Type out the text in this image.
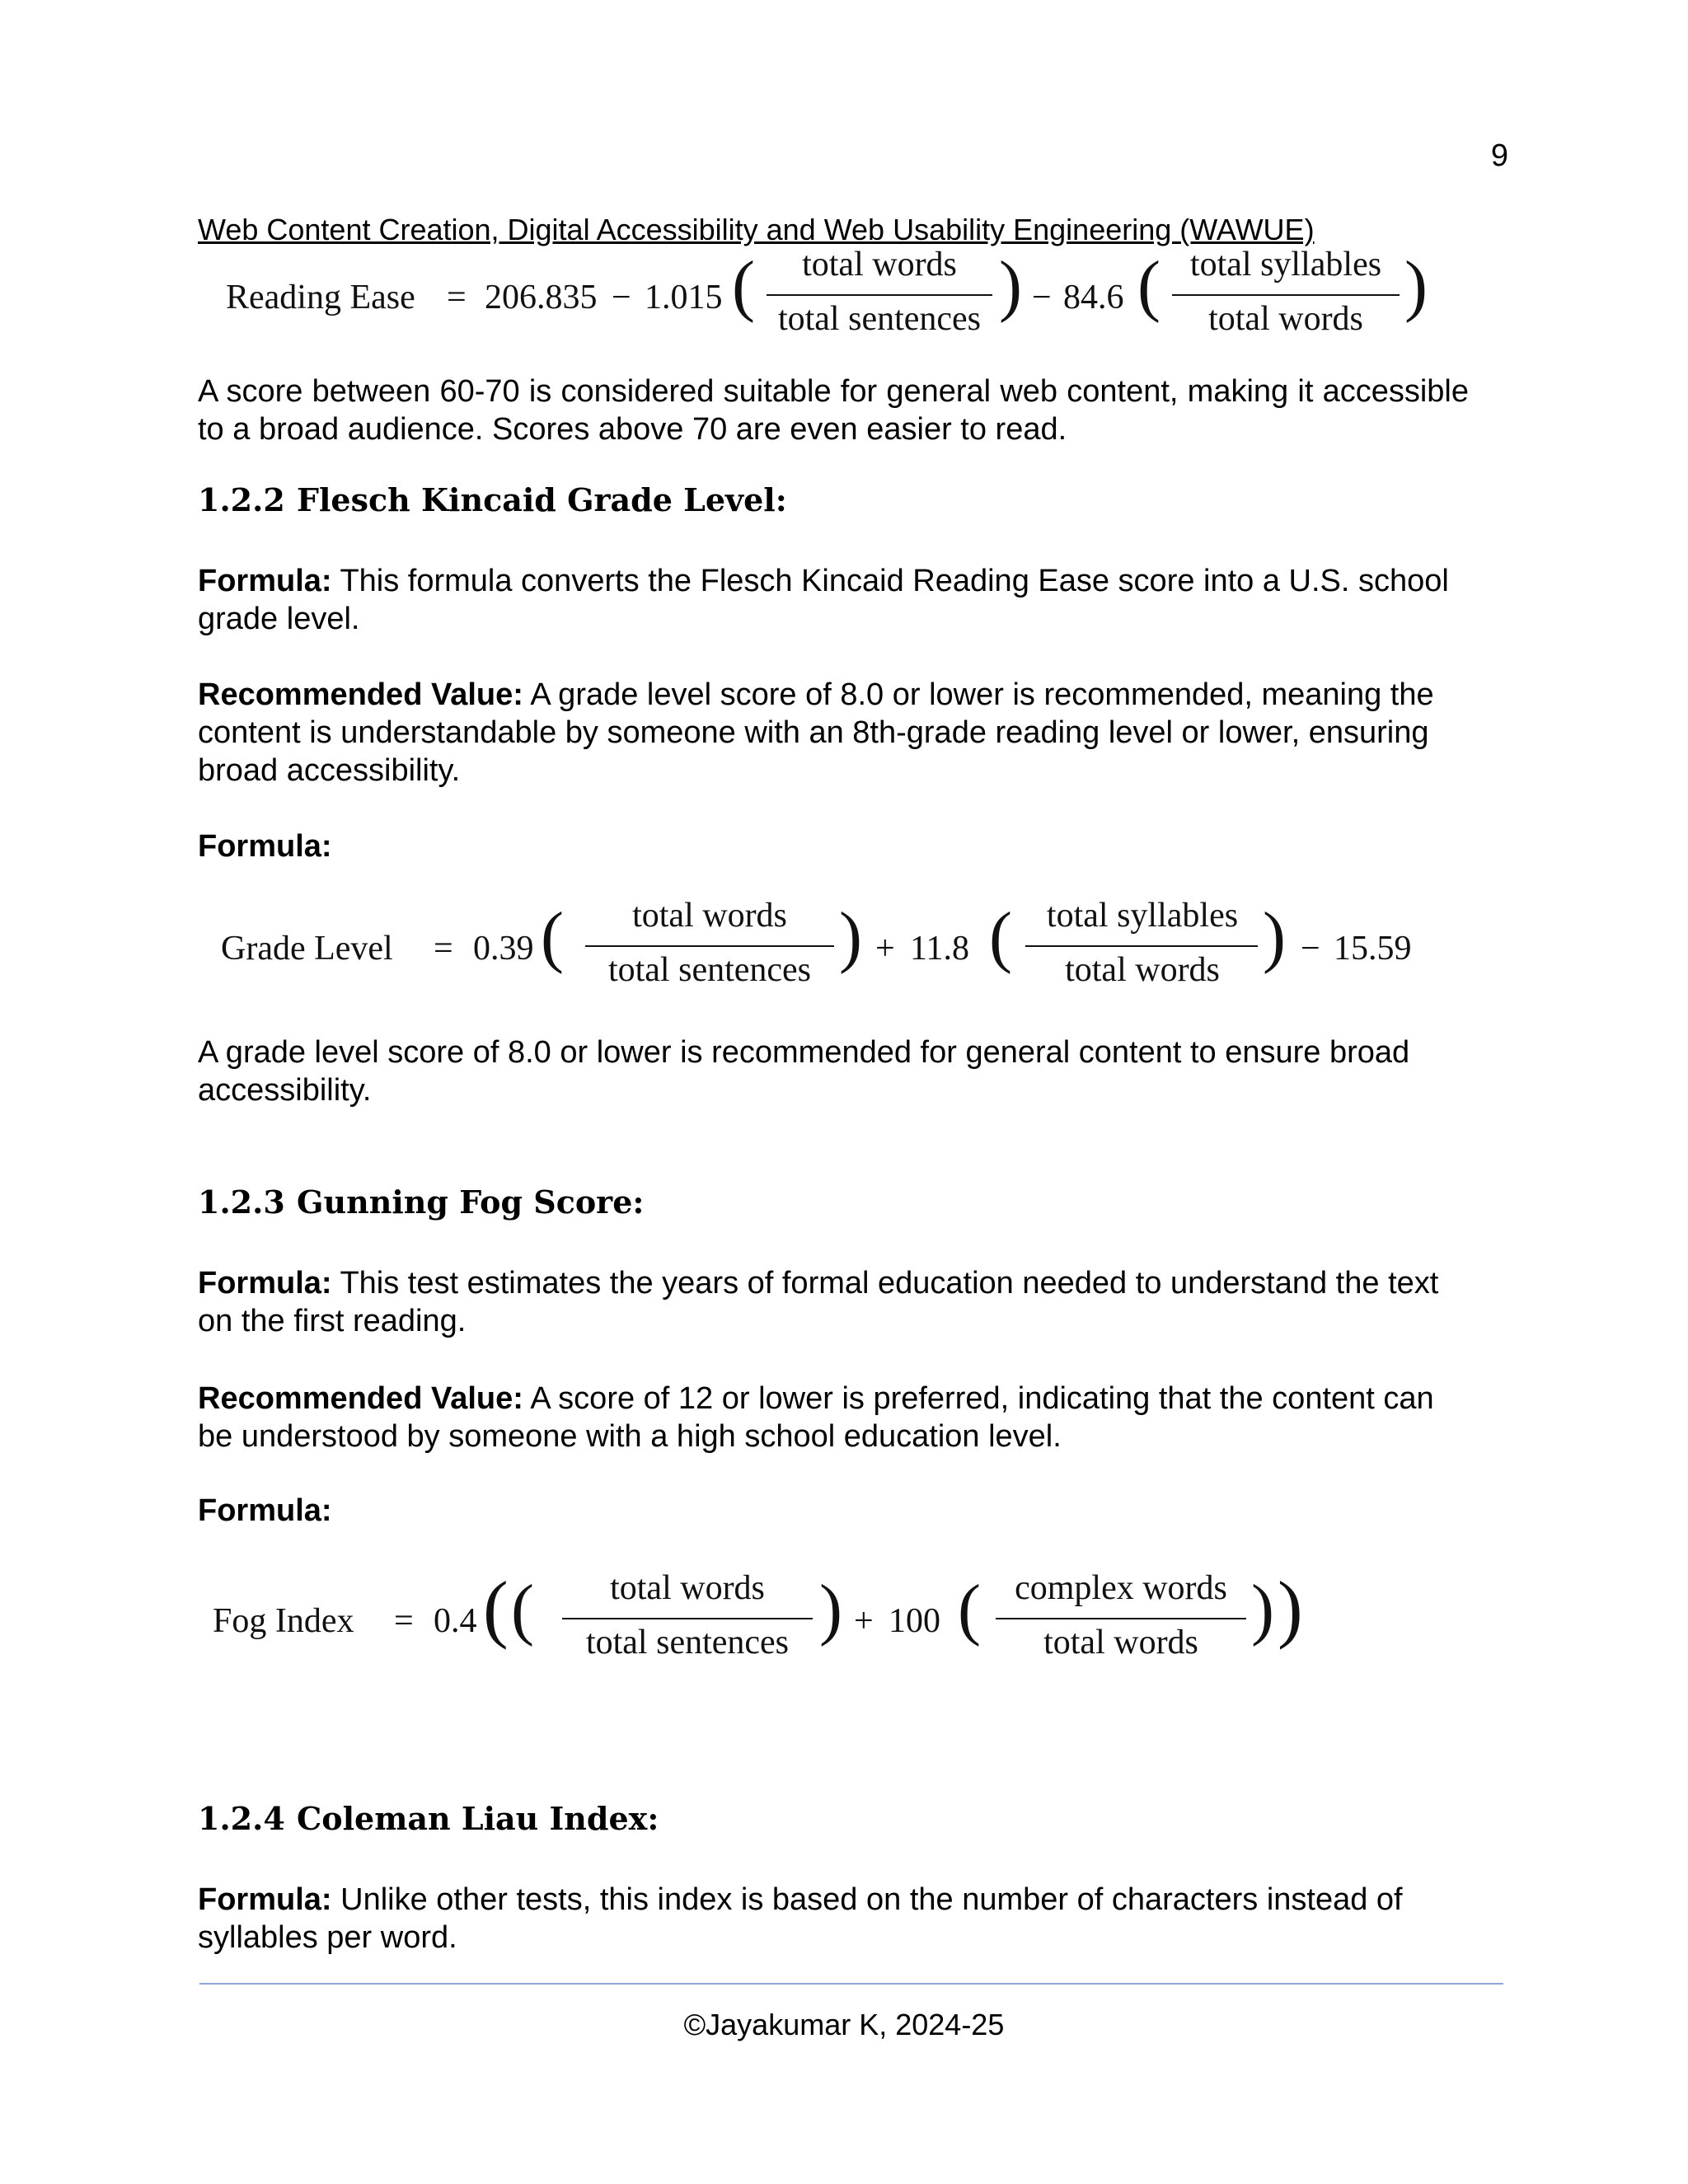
9
Web Content Creation, Digital Accessibility and Web Usability Engineering (WAWUE)
Reading Ease = 206.835 − 1.015 ( total words
total sentences ) − 84.6 ( total syllables
total words )

A score between 60-70 is considered suitable for general web content, making it accessible to a broad audience. Scores above 70 are even easier to read.

1.2.2 Flesch Kincaid Grade Level:

Formula: This formula converts the Flesch Kincaid Reading Ease score into a U.S. school grade level.

Recommended Value: A grade level score of 8.0 or lower is recommended, meaning the content is understandable by someone with an 8th-grade reading level or lower, ensuring broad accessibility.

Formula:

Grade Level = 0.39 ( total words
total sentences ) + 11.8 ( total syllables
total words ) − 15.59

A grade level score of 8.0 or lower is recommended for general content to ensure broad accessibility.

1.2.3 Gunning Fog Score:

Formula: This test estimates the years of formal education needed to understand the text on the first reading.

Recommended Value: A score of 12 or lower is preferred, indicating that the content can be understood by someone with a high school education level.

Formula:

Fog Index = 0.4 ( ( total words
total sentences ) + 100 ( complex words
total words ) )
1.2.4 Coleman Liau Index:

Formula: Unlike other tests, this index is based on the number of characters instead of syllables per word.

©Jayakumar K, 2024-25
